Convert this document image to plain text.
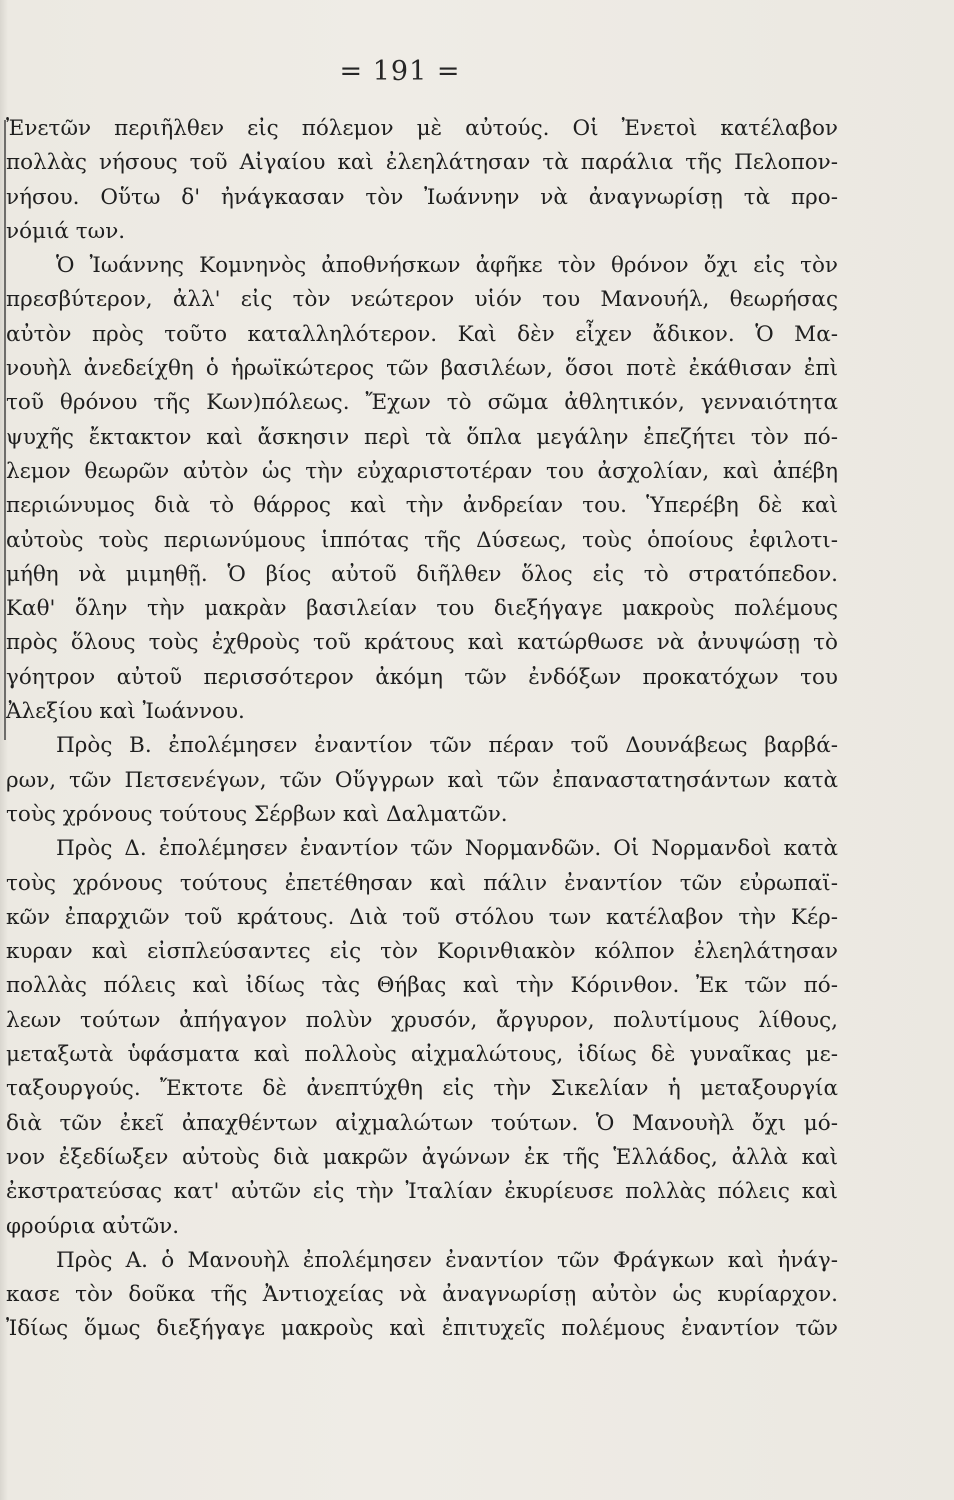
= 191 =
Ἐνετῶν περιῆλθεν εἰς πόλεμον μὲ αὐτούς. Οἱ Ἐνετοὶ κατέλαβον
πολλὰς νήσους τοῦ Αἰγαίου καὶ ἐλεηλάτησαν τὰ παράλια τῆς Πελοπον-
νήσου. Οὕτω δ' ἠνάγκασαν τὸν Ἰωάννην νὰ ἀναγνωρίσῃ τὰ προ-
νόμιά των.
Ὁ Ἰωάννης Κομνηνὸς ἀποθνήσκων ἀφῆκε τὸν θρόνον ὄχι εἰς τὸν
πρεσβύτερον, ἀλλ' εἰς τὸν νεώτερον υἱόν του Μανουήλ, θεωρήσας
αὐτὸν πρὸς τοῦτο καταλληλότερον. Καὶ δὲν εἶχεν ἄδικον. Ὁ Μα-
νουὴλ ἀνεδείχθη ὁ ἡρωϊκώτερος τῶν βασιλέων, ὅσοι ποτὲ ἐκάθισαν ἐπὶ
τοῦ θρόνου τῆς Κων)πόλεως. Ἔχων τὸ σῶμα ἀθλητικόν, γενναιότητα
ψυχῆς ἔκτακτον καὶ ἄσκησιν περὶ τὰ ὅπλα μεγάλην ἐπεζήτει τὸν πό-
λεμον θεωρῶν αὐτὸν ὡς τὴν εὐχαριστοτέραν του ἀσχολίαν, καὶ ἀπέβη
περιώνυμος διὰ τὸ θάρρος καὶ τὴν ἀνδρείαν του. Ὑπερέβη δὲ καὶ
αὐτοὺς τοὺς περιωνύμους ἱππότας τῆς Δύσεως, τοὺς ὁποίους ἐφιλοτι-
μήθη νὰ μιμηθῇ. Ὁ βίος αὐτοῦ διῆλθεν ὅλος εἰς τὸ στρατόπεδον.
Καθ' ὅλην τὴν μακρὰν βασιλείαν του διεξήγαγε μακροὺς πολέμους
πρὸς ὅλους τοὺς ἐχθροὺς τοῦ κράτους καὶ κατώρθωσε νὰ ἀνυψώσῃ τὸ
γόητρον αὐτοῦ περισσότερον ἀκόμη τῶν ἐνδόξων προκατόχων του
Ἀλεξίου καὶ Ἰωάννου.
Πρὸς Β. ἐπολέμησεν ἐναντίον τῶν πέραν τοῦ Δουνάβεως βαρβά-
ρων, τῶν Πετσενέγων, τῶν Οὕγγρων καὶ τῶν ἐπαναστατησάντων κατὰ
τοὺς χρόνους τούτους Σέρβων καὶ Δαλματῶν.
Πρὸς Δ. ἐπολέμησεν ἐναντίον τῶν Νορμανδῶν. Οἱ Νορμανδοὶ κατὰ
τοὺς χρόνους τούτους ἐπετέθησαν καὶ πάλιν ἐναντίον τῶν εὐρωπαϊ-
κῶν ἐπαρχιῶν τοῦ κράτους. Διὰ τοῦ στόλου των κατέλαβον τὴν Κέρ-
κυραν καὶ εἰσπλεύσαντες εἰς τὸν Κορινθιακὸν κόλπον ἐλεηλάτησαν
πολλὰς πόλεις καὶ ἰδίως τὰς Θήβας καὶ τὴν Κόρινθον. Ἐκ τῶν πό-
λεων τούτων ἀπήγαγον πολὺν χρυσόν, ἄργυρον, πολυτίμους λίθους,
μεταξωτὰ ὑφάσματα καὶ πολλοὺς αἰχμαλώτους, ἰδίως δὲ γυναῖκας με-
ταξουργούς. Ἔκτοτε δὲ ἀνεπτύχθη εἰς τὴν Σικελίαν ἡ μεταξουργία
διὰ τῶν ἐκεῖ ἀπαχθέντων αἰχμαλώτων τούτων. Ὁ Μανουὴλ ὄχι μό-
νον ἐξεδίωξεν αὐτοὺς διὰ μακρῶν ἀγώνων ἐκ τῆς Ἑλλάδος, ἀλλὰ καὶ
ἐκστρατεύσας κατ' αὐτῶν εἰς τὴν Ἰταλίαν ἐκυρίευσε πολλὰς πόλεις καὶ
φρούρια αὐτῶν.
Πρὸς Α. ὁ Μανουὴλ ἐπολέμησεν ἐναντίον τῶν Φράγκων καὶ ἠνάγ-
κασε τὸν δοῦκα τῆς Ἀντιοχείας νὰ ἀναγνωρίσῃ αὐτὸν ὡς κυρίαρχον.
Ἰδίως ὅμως διεξήγαγε μακροὺς καὶ ἐπιτυχεῖς πολέμους ἐναντίον τῶν
